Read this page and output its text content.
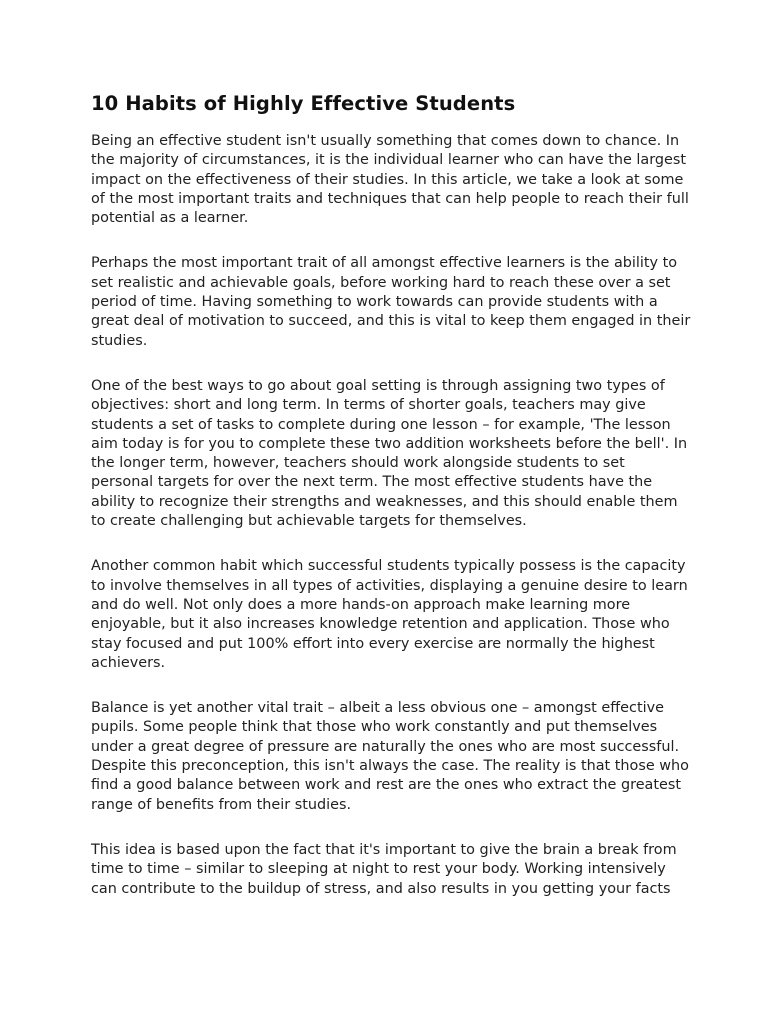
10 Habits of Highly Effective Students

Being an effective student isn't usually something that comes down to chance. In the majority of circumstances, it is the individual learner who can have the largest impact on the effectiveness of their studies. In this article, we take a look at some of the most important traits and techniques that can help people to reach their full potential as a learner.

Perhaps the most important trait of all amongst effective learners is the ability to set realistic and achievable goals, before working hard to reach these over a set period of time. Having something to work towards can provide students with a great deal of motivation to succeed, and this is vital to keep them engaged in their studies.

One of the best ways to go about goal setting is through assigning two types of objectives: short and long term. In terms of shorter goals, teachers may give students a set of tasks to complete during one lesson – for example, 'The lesson aim today is for you to complete these two addition worksheets before the bell'. In the longer term, however, teachers should work alongside students to set personal targets for over the next term. The most effective students have the ability to recognize their strengths and weaknesses, and this should enable them to create challenging but achievable targets for themselves.

Another common habit which successful students typically possess is the capacity to involve themselves in all types of activities, displaying a genuine desire to learn and do well. Not only does a more hands-on approach make learning more enjoyable, but it also increases knowledge retention and application. Those who stay focused and put 100% effort into every exercise are normally the highest achievers.

Balance is yet another vital trait – albeit a less obvious one – amongst effective pupils. Some people think that those who work constantly and put themselves under a great degree of pressure are naturally the ones who are most successful. Despite this preconception, this isn't always the case. The reality is that those who find a good balance between work and rest are the ones who extract the greatest range of benefits from their studies.

This idea is based upon the fact that it's important to give the brain a break from time to time – similar to sleeping at night to rest your body. Working intensively can contribute to the buildup of stress, and also results in you getting your facts
